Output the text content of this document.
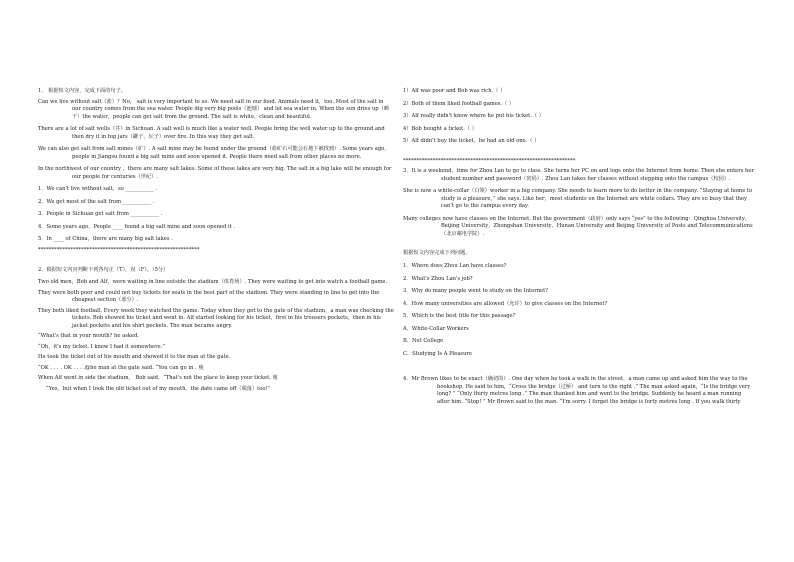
1、 根据短文内容，完成下面的句子。

Can we live without salt（盐）？No， salt is very important to us. We need salt in our food. Animals need it，too. Most of the salt in our country comes from the sea water. People dig very big pools（池塘） and let sea water in. When the sun dries up（晒干）the water，people can get salt from the ground. The salt is white，clean and beautiful.

There are a lot of salt wells（井）in Sichuan. A salt well is much like a water well. People bring the well water up to the ground and then dry it in big jars（罐子，坛子）over fire. In this way they get salt.

We can also get salt from salt mines（矿）. A salt mine may be found under the ground（盐矿石可能会在地下被找到）. Some years ago，people in Jiangsu found a big salt mine and soon opened it. People there need salt from other places no more.

In the northwest of our country ，there are many salt lakes. Some of these lakes are very big. The salt in a big lake will be enough for our people for centuries（世纪）.

1．We can't live without salt，so ___________ .

2．We get most of the salt from ___________ .

3．People in Sichuan get salt from ___________ .

4．Some years ago，People ____ found a big salt mine and soon opened it .

5．In ____ of China，there are many big salt lakes .

************************************************************

2、根据短文内容判断下列各句正（T）、误（F）。（5分）

Two old men，Bob and Alf，were waiting in line outside the stadium（体育场）. They were waiting to get into watch a football game.

They were both poor and could not buy tickets for seats in the best part of the stadium. They were standing in line to get into the cheapest section（部分）.

They both liked football. Every week they watched the game. Today when they got to the gate of the stadium，a man was checking the tickets. Bob showed his ticket and went in. Alf started looking for his ticket，first in his trousers pockets，then in his jacket pockets and his shirt pockets. The man became angry.

“What's that in your mouth? he asked.

“Oh，it's my ticket. I knew I had it somewhere.”

He took the ticket out of his mouth and showed it to the man at the gate.

“OK . . . . OK . . . .@he man at the gate said. “You can go in . 廋

When Alf went in side the stadium， Bob said，“That's not the place to keep your ticket. 廋

“Yes，but when I took the old ticket out of my mouth，the date came off（脱落）too!”

1）Alf was poor and Bob was rich.（ ）

2）Both of them liked football games.（ ）

3）Alf really didn't know where he put his ticket.（ ）

4）Bob bought a ticket.（ ）

5）Alf didn't buy the ticket，he had an old one.（ ）

****************************************************************

3、It is a weekend，time for Zhou Lan to go to class. She turns her PC on and logs onto the Internet from home. Then she enters her student number and password（密码）. Zhou Lan takes her classes without stepping onto the campus（校园）.

She is now a white-collar（白领）worker in a big company. She needs to learn more to do better in the company. “Staying at home to study is a pleasure，” she says. Like her，most students on the Internet are white collars. They are so busy that they can't go to the campus every day.

Many colleges now have classes on the Internet. But the government（政府）only says “yes” to the following：Qinghua University，Beijing University，Zhongshan University，Hunan University and Beijing University of Posts and Telecommunications（北京邮电学院）.

根据短文内容完成下列问题。

1．Where does Zhou Lan have classes?

2．What's Zhou Lan's job?

3．Why do many people went to study on the Internet?

4．How many universities are allowed（允许）to give classes on the Internet?

5．Which is the best title for this passage?

A．White-Collar Workers

B．Net College

C．Studying Is A Pleasure

4．Mr Brown likes to be exact（确切的）. One day when he took a walk in the street，a man came up and asked him the way to the bookshop. He said to him，“Cross the bridge（过桥） and turn to the right .” The man asked again，“Is the bridge very long? ” “Only thirty metres long .” The man thanked him and went to the bridge. Suddenly he heard a man running after him. “Stop! ” Mr Brown said to the man. “I'm sorry. I forget the bridge is forty metres long . If you walk thirty
